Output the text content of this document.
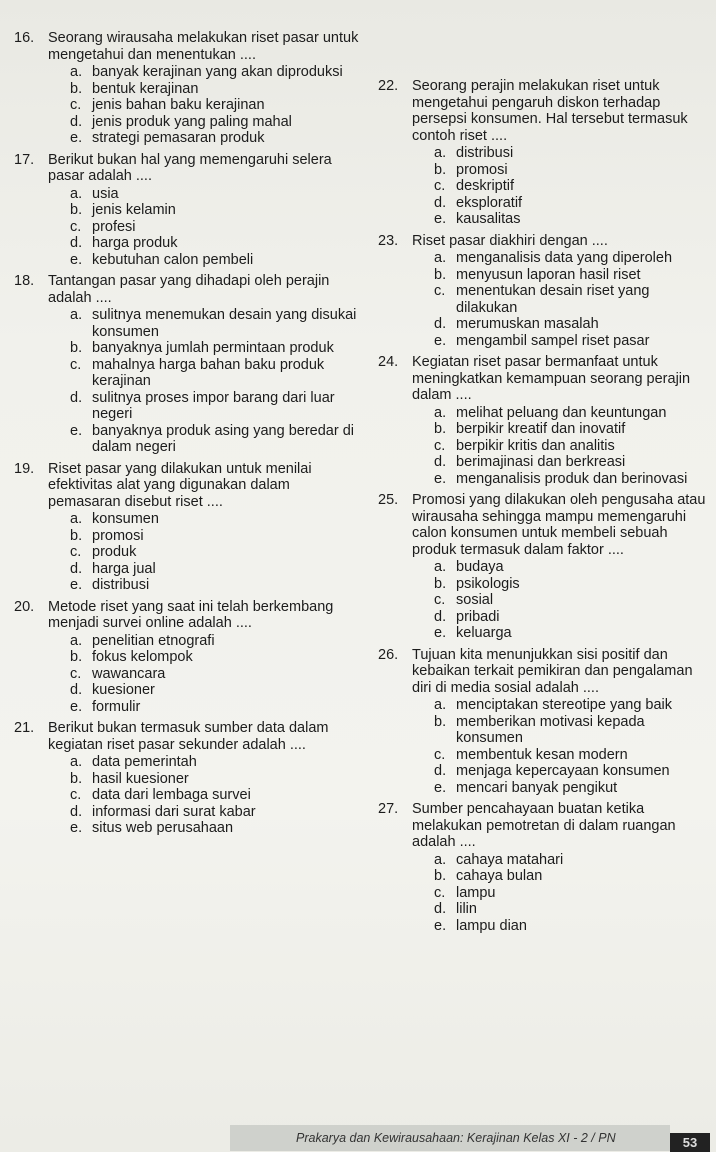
16. Seorang wirausaha melakukan riset pasar untuk mengetahui dan menentukan ....
a. banyak kerajinan yang akan diproduksi
b. bentuk kerajinan
c. jenis bahan baku kerajinan
d. jenis produk yang paling mahal
e. strategi pemasaran produk
17. Berikut bukan hal yang memengaruhi selera pasar adalah ....
a. usia
b. jenis kelamin
c. profesi
d. harga produk
e. kebutuhan calon pembeli
18. Tantangan pasar yang dihadapi oleh perajin adalah ....
a. sulitnya menemukan desain yang disukai konsumen
b. banyaknya jumlah permintaan produk
c. mahalnya harga bahan baku produk kerajinan
d. sulitnya proses impor barang dari luar negeri
e. banyaknya produk asing yang beredar di dalam negeri
19. Riset pasar yang dilakukan untuk menilai efektivitas alat yang digunakan dalam pemasaran disebut riset ....
a. konsumen
b. promosi
c. produk
d. harga jual
e. distribusi
20. Metode riset yang saat ini telah berkembang menjadi survei online adalah ....
a. penelitian etnografi
b. fokus kelompok
c. wawancara
d. kuesioner
e. formulir
21. Berikut bukan termasuk sumber data dalam kegiatan riset pasar sekunder adalah ....
a. data pemerintah
b. hasil kuesioner
c. data dari lembaga survei
d. informasi dari surat kabar
e. situs web perusahaan
22. Seorang perajin melakukan riset untuk mengetahui pengaruh diskon terhadap persepsi konsumen. Hal tersebut termasuk contoh riset ....
a. distribusi
b. promosi
c. deskriptif
d. eksploratif
e. kausalitas
23. Riset pasar diakhiri dengan ....
a. menganalisis data yang diperoleh
b. menyusun laporan hasil riset
c. menentukan desain riset yang dilakukan
d. merumuskan masalah
e. mengambil sampel riset pasar
24. Kegiatan riset pasar bermanfaat untuk meningkatkan kemampuan seorang perajin dalam ....
a. melihat peluang dan keuntungan
b. berpikir kreatif dan inovatif
c. berpikir kritis dan analitis
d. berimajinasi dan berkreasi
e. menganalisis produk dan berinovasi
25. Promosi yang dilakukan oleh pengusaha atau wirausaha sehingga mampu memengaruhi calon konsumen untuk membeli sebuah produk termasuk dalam faktor ....
a. budaya
b. psikologis
c. sosial
d. pribadi
e. keluarga
26. Tujuan kita menunjukkan sisi positif dan kebaikan terkait pemikiran dan pengalaman diri di media sosial adalah ....
a. menciptakan stereotipe yang baik
b. memberikan motivasi kepada konsumen
c. membentuk kesan modern
d. menjaga kepercayaan konsumen
e. mencari banyak pengikut
27. Sumber pencahayaan buatan ketika melakukan pemotretan di dalam ruangan adalah ....
a. cahaya matahari
b. cahaya bulan
c. lampu
d. lilin
e. lampu dian
Prakarya dan Kewirausahaan: Kerajinan Kelas XI - 2 / PN	53
